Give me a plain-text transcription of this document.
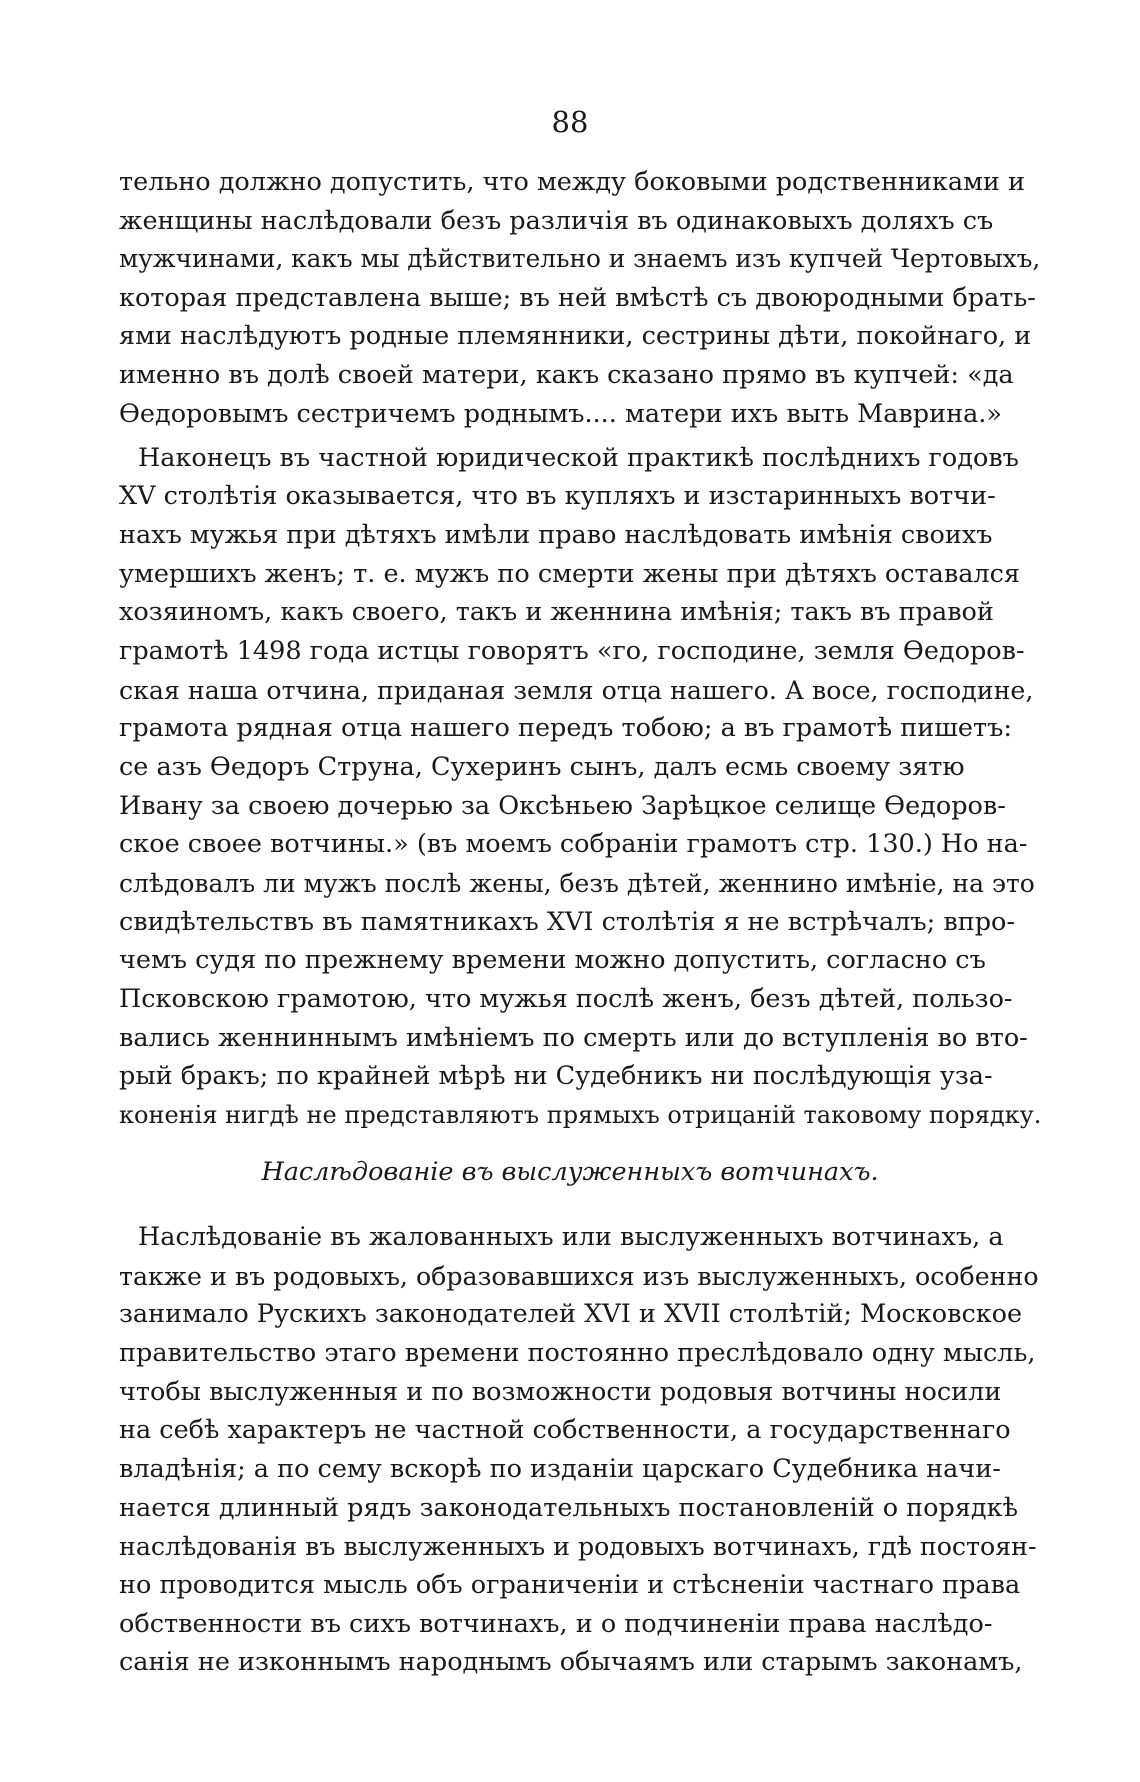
88
тельно должно допустить, что между боковыми родственниками и
женщины наслѣдовали безъ различія въ одинаковыхъ доляхъ съ
мужчинами, какъ мы дѣйствительно и знаемъ изъ купчей Чертовыхъ,
которая представлена выше; въ ней вмѣстѣ съ двоюродными брать-
ями наслѣдуютъ родные племянники, сестрины дѣти, покойнаго, и
именно въ долѣ своей матери, какъ сказано прямо въ купчей: «да
Ѳедоровымъ сестричемъ роднымъ.... матери ихъ выть Маврина.»
Наконецъ въ частной юридической практикѣ послѣднихъ годовъ
XV столѣтія оказывается, что въ купляхъ и изстаринныхъ вотчи-
нахъ мужья при дѣтяхъ имѣли право наслѣдовать имѣнія своихъ
умершихъ женъ; т. е. мужъ по смерти жены при дѣтяхъ оставался
хозяиномъ, какъ своего, такъ и женнина имѣнія; такъ въ правой
грамотѣ 1498 года истцы говорятъ «го, господине, земля Ѳедоров-
ская наша отчина, приданая земля отца нашего. А восе, господине,
грамота рядная отца нашего передъ тобою; а въ грамотѣ пишетъ:
се азъ Ѳедоръ Струна, Сухеринъ сынъ, далъ есмь своему зятю
Ивану за своею дочерью за Оксѣньею Зарѣцкое селище Ѳедоров-
ское своее вотчины.» (въ моемъ собраніи грамотъ стр. 130.) Но на-
слѣдовалъ ли мужъ послѣ жены, безъ дѣтей, женнино имѣніе, на это
свидѣтельствъ въ памятникахъ XVI столѣтія я не встрѣчалъ; впро-
чемъ судя по прежнему времени можно допустить, согласно съ
Псковскою грамотою, что мужья послѣ женъ, безъ дѣтей, пользо-
вались женниннымъ имѣніемъ по смерть или до вступленія во вто-
рый бракъ; по крайней мѣрѣ ни Судебникъ ни послѣдующія уза-
коненія нигдѣ не представляютъ прямыхъ отрицаній таковому порядку.
Наслѣдованіе въ выслуженныхъ вотчинахъ.
Наслѣдованіе въ жалованныхъ или выслуженныхъ вотчинахъ, а
также и въ родовыхъ, образовавшихся изъ выслуженныхъ, особенно
занимало Рускихъ законодателей XVI и XVII столѣтій; Московское
правительство этаго времени постоянно преслѣдовало одну мысль,
чтобы выслуженныя и по возможности родовыя вотчины носили
на себѣ характеръ не частной собственности, а государственнаго
владѣнія; а по сему вскорѣ по изданіи царскаго Судебника начи-
нается длинный рядъ законодательныхъ постановленій о порядкѣ
наслѣдованія въ выслуженныхъ и родовыхъ вотчинахъ, гдѣ постоян-
но проводится мысль объ ограниченіи и стѣсненіи частнаго права
обственности въ сихъ вотчинахъ, и о подчиненіи права наслѣдо-
санія не изконнымъ народнымъ обычаямъ или старымъ законамъ,
